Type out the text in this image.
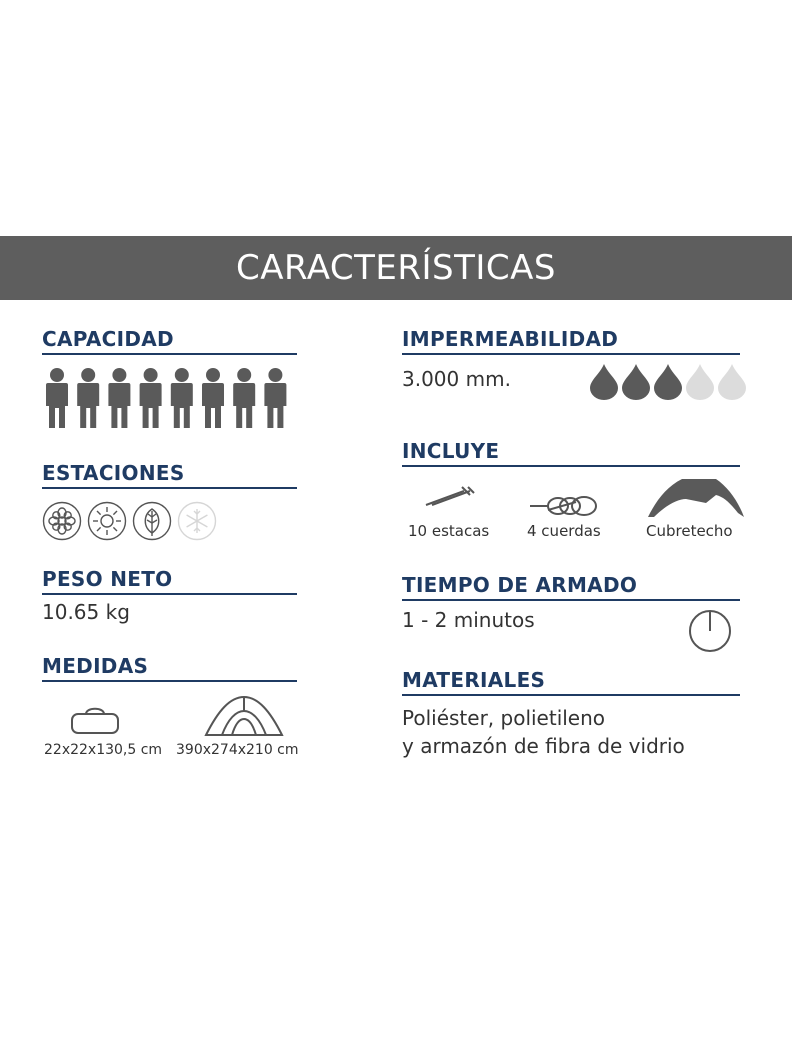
CARACTERÍSTICAS
CAPACIDAD
ESTACIONES
PESO NETO
10.65 kg
MEDIDAS
22x22x130,5 cm 390x274x210 cm
IMPERMEABILIDAD
3.000 mm.
INCLUYE
10 estacas	4 cuerdas	Cubretecho
TIEMPO DE ARMADO
1 - 2 minutos
MATERIALES
Poliéster, polietileno
y armazón de fibra de vidrio
